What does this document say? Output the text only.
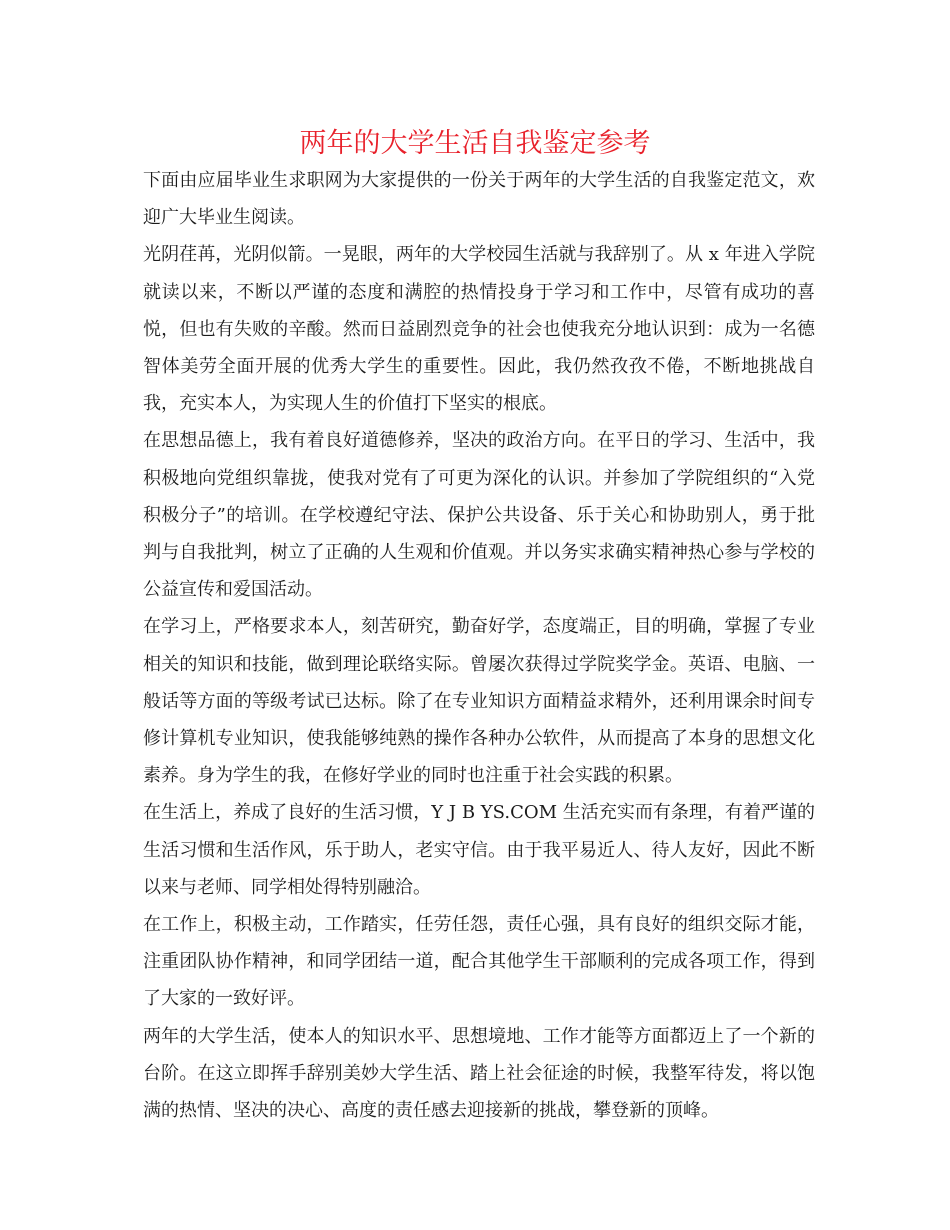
两年的大学生活自我鉴定参考

下面由应届毕业生求职网为大家提供的一份关于两年的大学生活的自我鉴定范文，欢迎广大毕业生阅读。

光阴荏苒，光阴似箭。一晃眼，两年的大学校园生活就与我辞别了。从 x 年进入学院就读以来，不断以严谨的态度和满腔的热情投身于学习和工作中，尽管有成功的喜悦，但也有失败的辛酸。然而日益剧烈竞争的社会也使我充分地认识到：成为一名德智体美劳全面开展的优秀大学生的重要性。因此，我仍然孜孜不倦，不断地挑战自我，充实本人，为实现人生的价值打下坚实的根底。

在思想品德上，我有着良好道德修养，坚决的政治方向。在平日的学习、生活中，我积极地向党组织靠拢，使我对党有了可更为深化的认识。并参加了学院组织的“入党积极分子”的培训。在学校遵纪守法、保护公共设备、乐于关心和协助别人，勇于批判与自我批判，树立了正确的人生观和价值观。并以务实求确实精神热心参与学校的公益宣传和爱国活动。

在学习上，严格要求本人，刻苦研究，勤奋好学，态度端正，目的明确，掌握了专业相关的知识和技能，做到理论联络实际。曾屡次获得过学院奖学金。英语、电脑、一般话等方面的等级考试已达标。除了在专业知识方面精益求精外，还利用课余时间专修计算机专业知识，使我能够纯熟的操作各种办公软件，从而提高了本身的思想文化素养。身为学生的我，在修好学业的同时也注重于社会实践的积累。

在生活上，养成了良好的生活习惯，Y J B YS.COM 生活充实而有条理，有着严谨的生活习惯和生活作风，乐于助人，老实守信。由于我平易近人、待人友好，因此不断以来与老师、同学相处得特别融洽。

在工作上，积极主动，工作踏实，任劳任怨，责任心强，具有良好的组织交际才能，注重团队协作精神，和同学团结一道，配合其他学生干部顺利的完成各项工作，得到了大家的一致好评。

两年的大学生活，使本人的知识水平、思想境地、工作才能等方面都迈上了一个新的台阶。在这立即挥手辞别美妙大学生活、踏上社会征途的时候，我整军待发，将以饱满的热情、坚决的决心、高度的责任感去迎接新的挑战，攀登新的顶峰。
